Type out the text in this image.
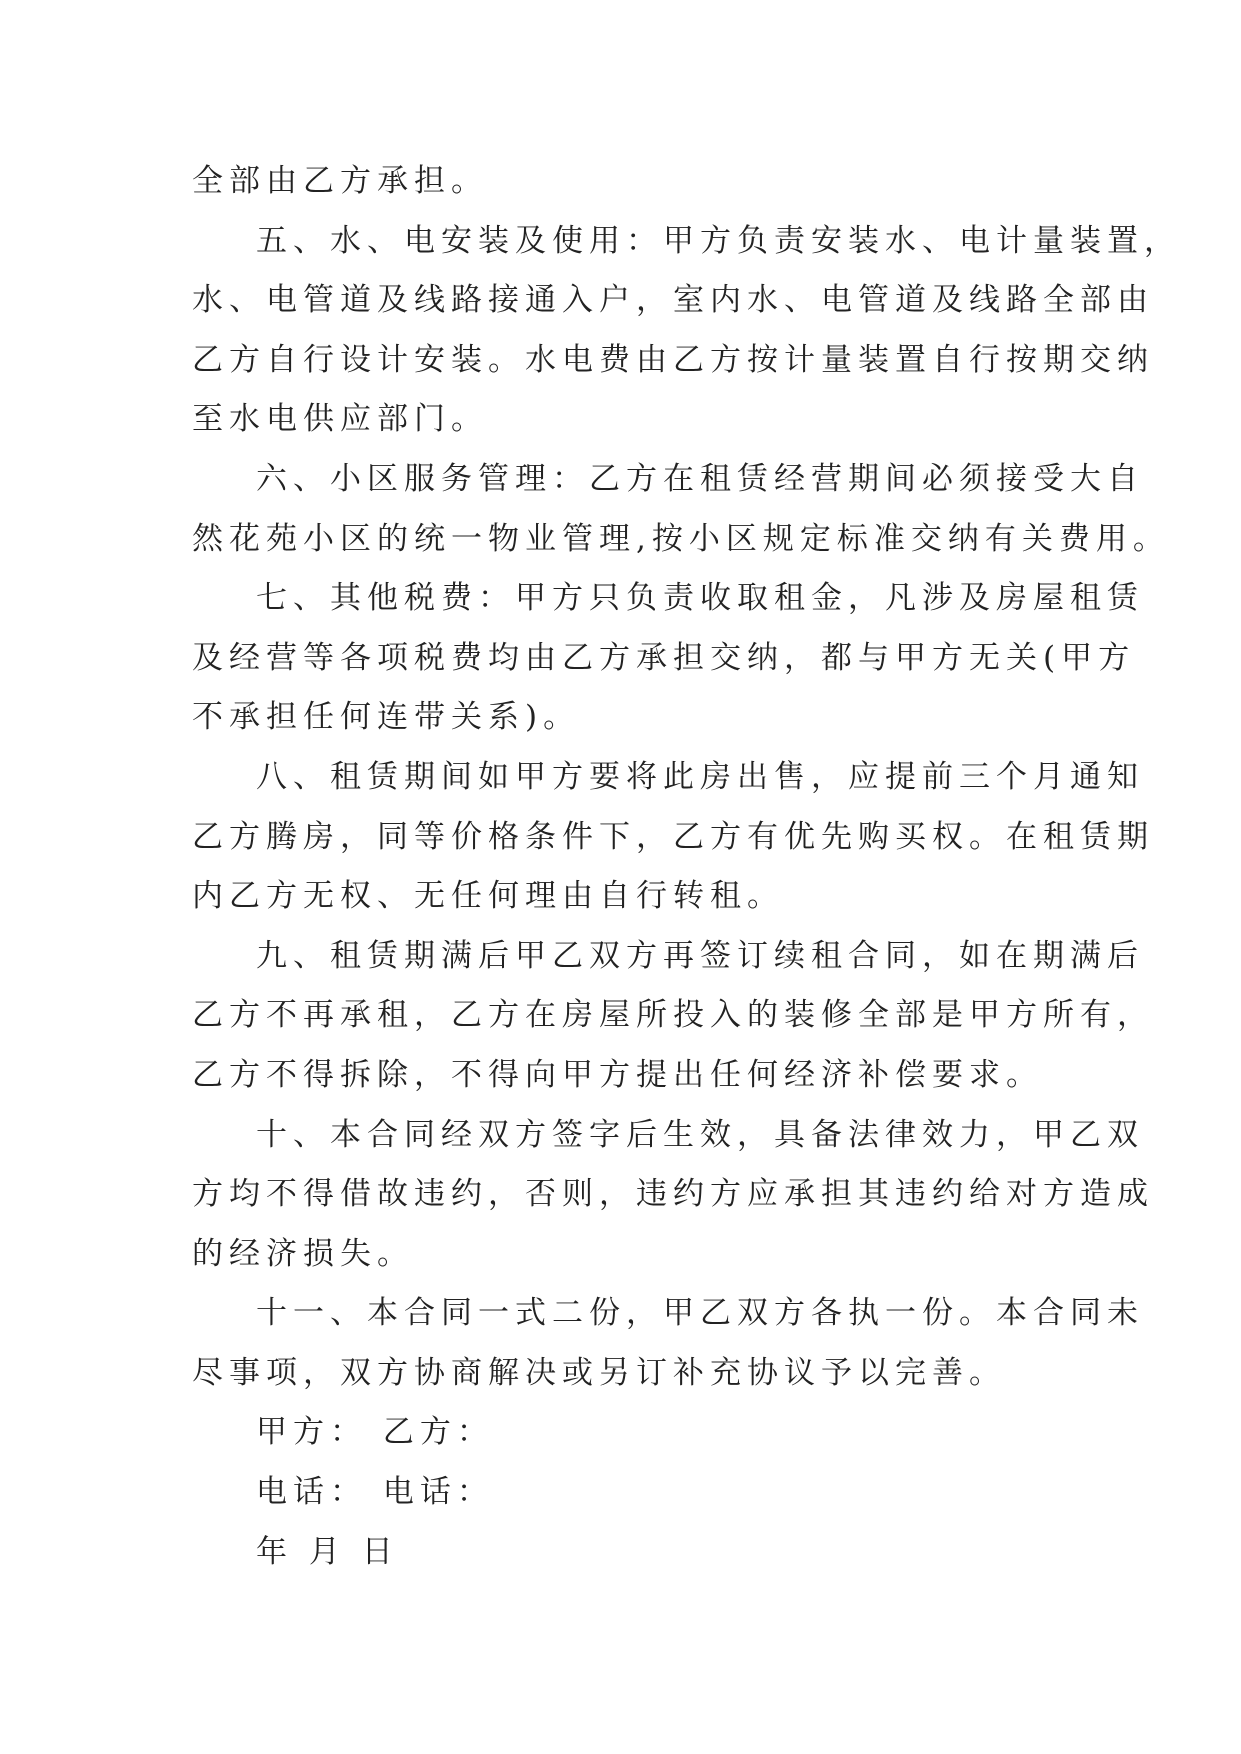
全部由乙方承担。
五、水、电安装及使用：甲方负责安装水、电计量装置，
水、电管道及线路接通入户，室内水、电管道及线路全部由
乙方自行设计安装。水电费由乙方按计量装置自行按期交纳
至水电供应部门。
六、小区服务管理：乙方在租赁经营期间必须接受大自
然花苑小区的统一物业管理,按小区规定标准交纳有关费用。
七、其他税费：甲方只负责收取租金，凡涉及房屋租赁
及经营等各项税费均由乙方承担交纳，都与甲方无关(甲方
不承担任何连带关系)。
八、租赁期间如甲方要将此房出售，应提前三个月通知
乙方腾房，同等价格条件下，乙方有优先购买权。在租赁期
内乙方无权、无任何理由自行转租。
九、租赁期满后甲乙双方再签订续租合同，如在期满后
乙方不再承租，乙方在房屋所投入的装修全部是甲方所有，
乙方不得拆除，不得向甲方提出任何经济补偿要求。
十、本合同经双方签字后生效，具备法律效力，甲乙双
方均不得借故违约，否则，违约方应承担其违约给对方造成
的经济损失。
十一、本合同一式二份，甲乙双方各执一份。本合同未
尽事项，双方协商解决或另订补充协议予以完善。
甲方： 乙方：
电话： 电话：
年 月 日
